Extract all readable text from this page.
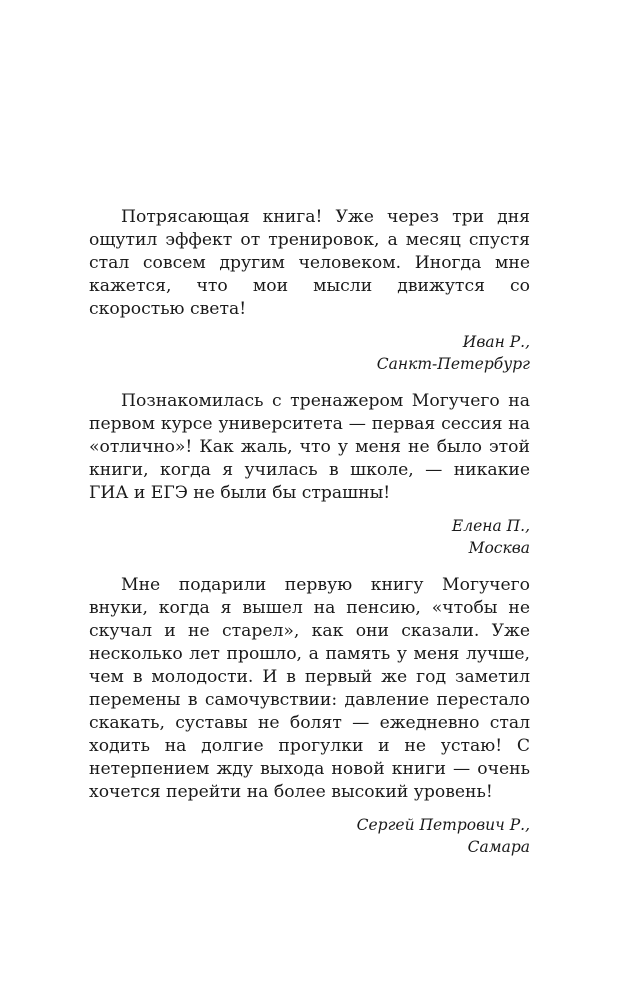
Потрясающая книга! Уже через три дня ощутил эффект от тренировок, а месяц спустя стал совсем другим человеком. Иногда мне кажется, что мои мысли движутся со скоростью света!

Иван Р.,
Санкт-Петербург

Познакомилась с тренажером Могучего на первом курсе университета — первая сессия на «отлично»! Как жаль, что у меня не было этой книги, когда я училась в школе, — никакие ГИА и ЕГЭ не были бы страшны!

Елена П.,
Москва

Мне подарили первую книгу Могучего внуки, когда я вышел на пенсию, «чтобы не скучал и не старел», как они сказали. Уже несколько лет прошло, а память у меня лучше, чем в молодости. И в первый же год заметил перемены в самочувствии: давление перестало скакать, суставы не болят — ежедневно стал ходить на долгие прогулки и не устаю! С нетерпением жду выхода новой книги — очень хочется перейти на более высокий уровень!

Сергей Петрович Р.,
Самара
